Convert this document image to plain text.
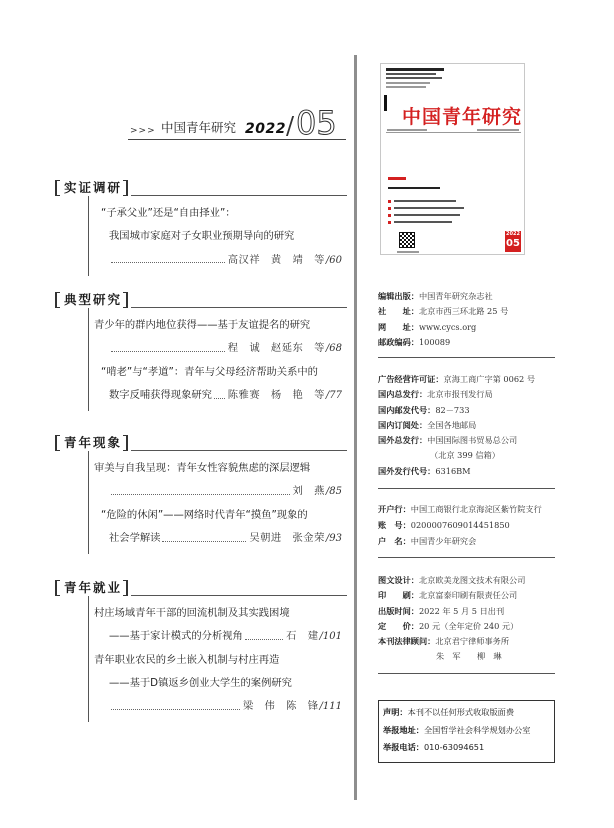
>>> 中国青年研究 2022 / 05
实证调研
“子承父业”还是“自由择业”：
我国城市家庭对子女职业预期导向的研究
高汉祥　黄　靖　等 /60
典型研究
青少年的群内地位获得——基于友谊提名的研究
程　诚　赵延东　等 /68
“啃老”与“孝道”：青年与父母经济帮助关系中的
数字反哺获得现象研究 陈雅赛　杨　艳　等 /77
青年现象
审美与自我呈现：青年女性容貌焦虑的深层逻辑
刘　燕 /85
“危险的休闲”——网络时代青年“摸鱼”现象的
社会学解读	吴朝进　张金荣 /93
青年就业
村庄场域青年干部的回流机制及其实践困境
——基于家计模式的分析视角	石　建 /101
青年职业农民的乡土嵌入机制与村庄再造
——基于D镇返乡创业大学生的案例研究
梁　伟　陈　锋 /111
中国青年研究
2022
05
编辑出版：中国青年研究杂志社
社　　址：北京市西三环北路 25 号
网　　址：www.cycs.org
邮政编码：100089
广告经营许可证：京海工商广字第 0062 号
国内总发行：北京市报刊发行局
国内邮发代号：82－733
国内订阅处：全国各地邮局
国外总发行：中国国际图书贸易总公司
（北京 399 信箱）
国外发行代号：6316BM
开户行：中国工商银行北京海淀区紫竹院支行
账　号：0200007609014451850
户　名：中国青少年研究会
图文设计：北京欧美龙图文技术有限公司
印　　刷：北京富泰印刷有限责任公司
出版时间：2022 年 5 月 5 日出刊
定　　价：20 元（全年定价 240 元）
本刊法律顾问：北京君宁律师事务所
朱　军　　柳　琳
声明：本刊不以任何形式收取版面费
举报地址：全国哲学社会科学规划办公室
举报电话：010-63094651
